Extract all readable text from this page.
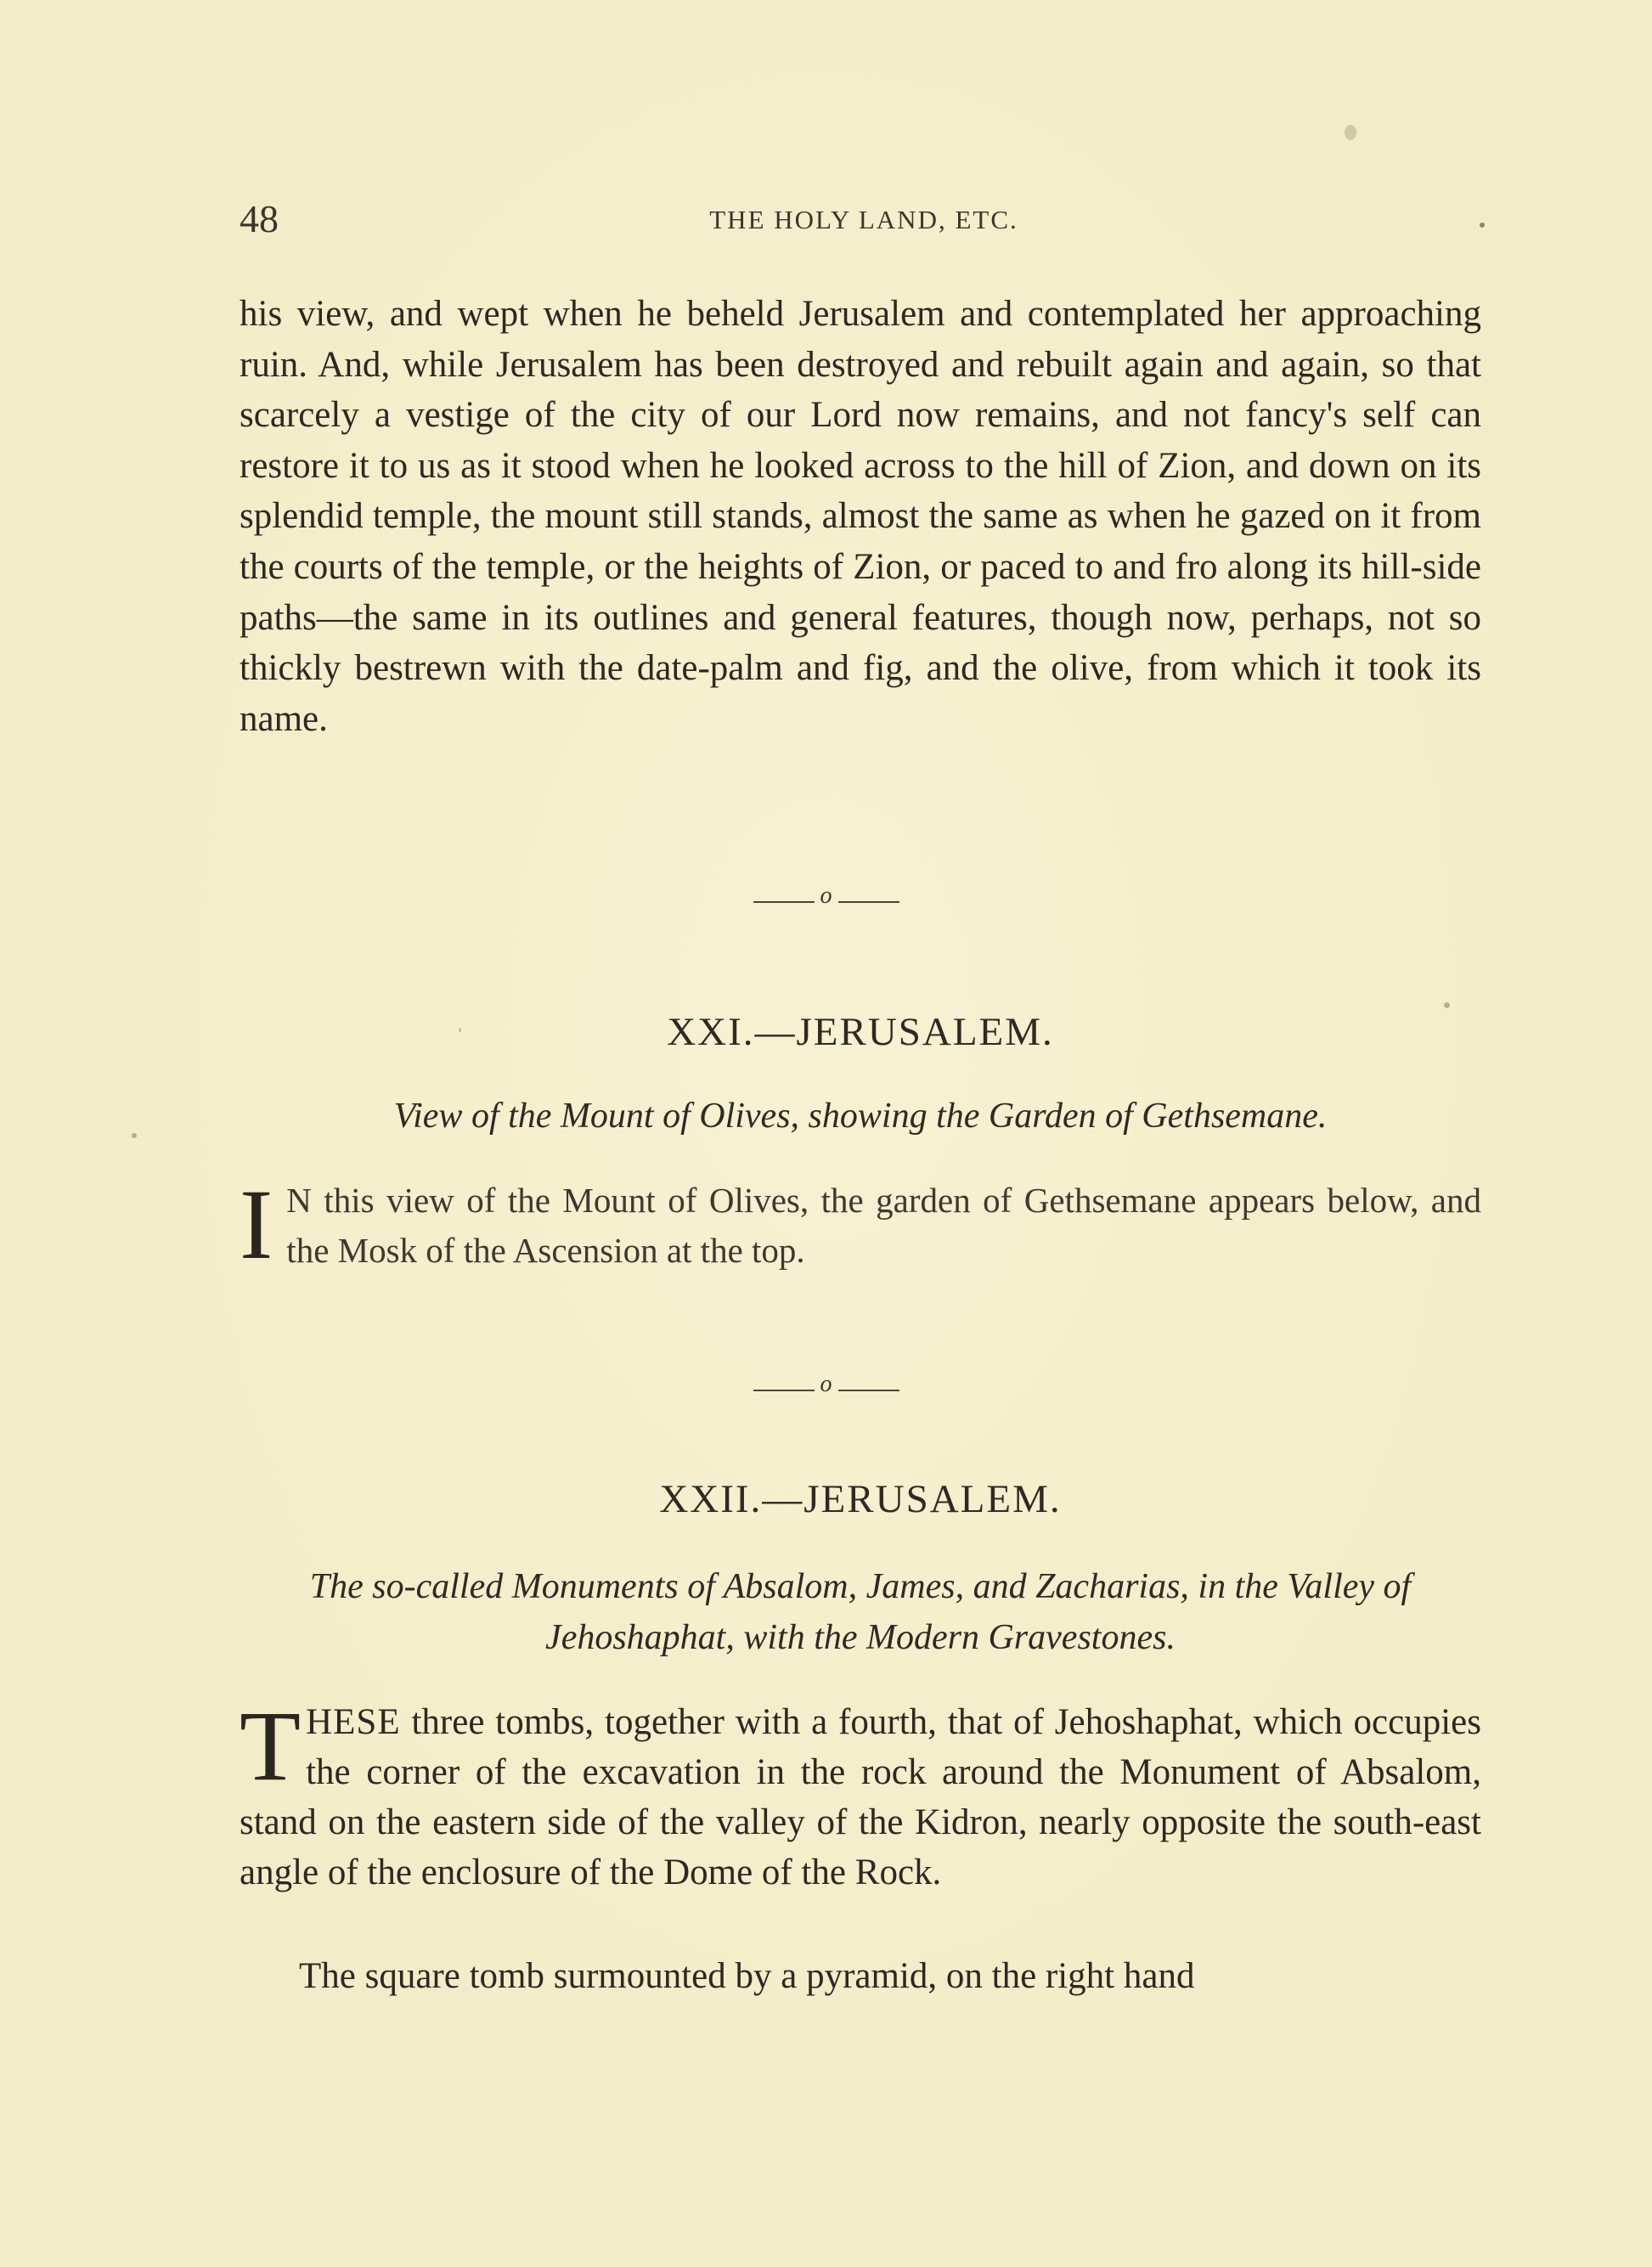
48	THE HOLY LAND, ETC.

his view, and wept when he beheld Jerusalem and contemplated her approaching ruin. And, while Jerusalem has been destroyed and rebuilt again and again, so that scarcely a vestige of the city of our Lord now remains, and not fancy's self can restore it to us as it stood when he looked across to the hill of Zion, and down on its splendid temple, the mount still stands, almost the same as when he gazed on it from the courts of the temple, or the heights of Zion, or paced to and fro along its hill-side paths—the same in its outlines and general features, though now, perhaps, not so thickly bestrewn with the date-palm and fig, and the olive, from which it took its name.

o
XXI.—JERUSALEM.
View of the Mount of Olives, showing the Garden of Gethsemane.

I N this view of the Mount of Olives, the garden of Gethsemane appears below, and the Mosk of the Ascension at the top.

o
XXII.—JERUSALEM.
The so-called Monuments of Absalom, James, and Zacharias, in the Valley of Jehoshaphat, with the Modern Gravestones.

THESE three tombs, together with a fourth, that of Jehoshaphat, which occupies the corner of the excavation in the rock around the Monument of Absalom, stand on the eastern side of the valley of the Kidron, nearly opposite the south-east angle of the enclosure of the Dome of the Rock.

The square tomb surmounted by a pyramid, on the right hand
